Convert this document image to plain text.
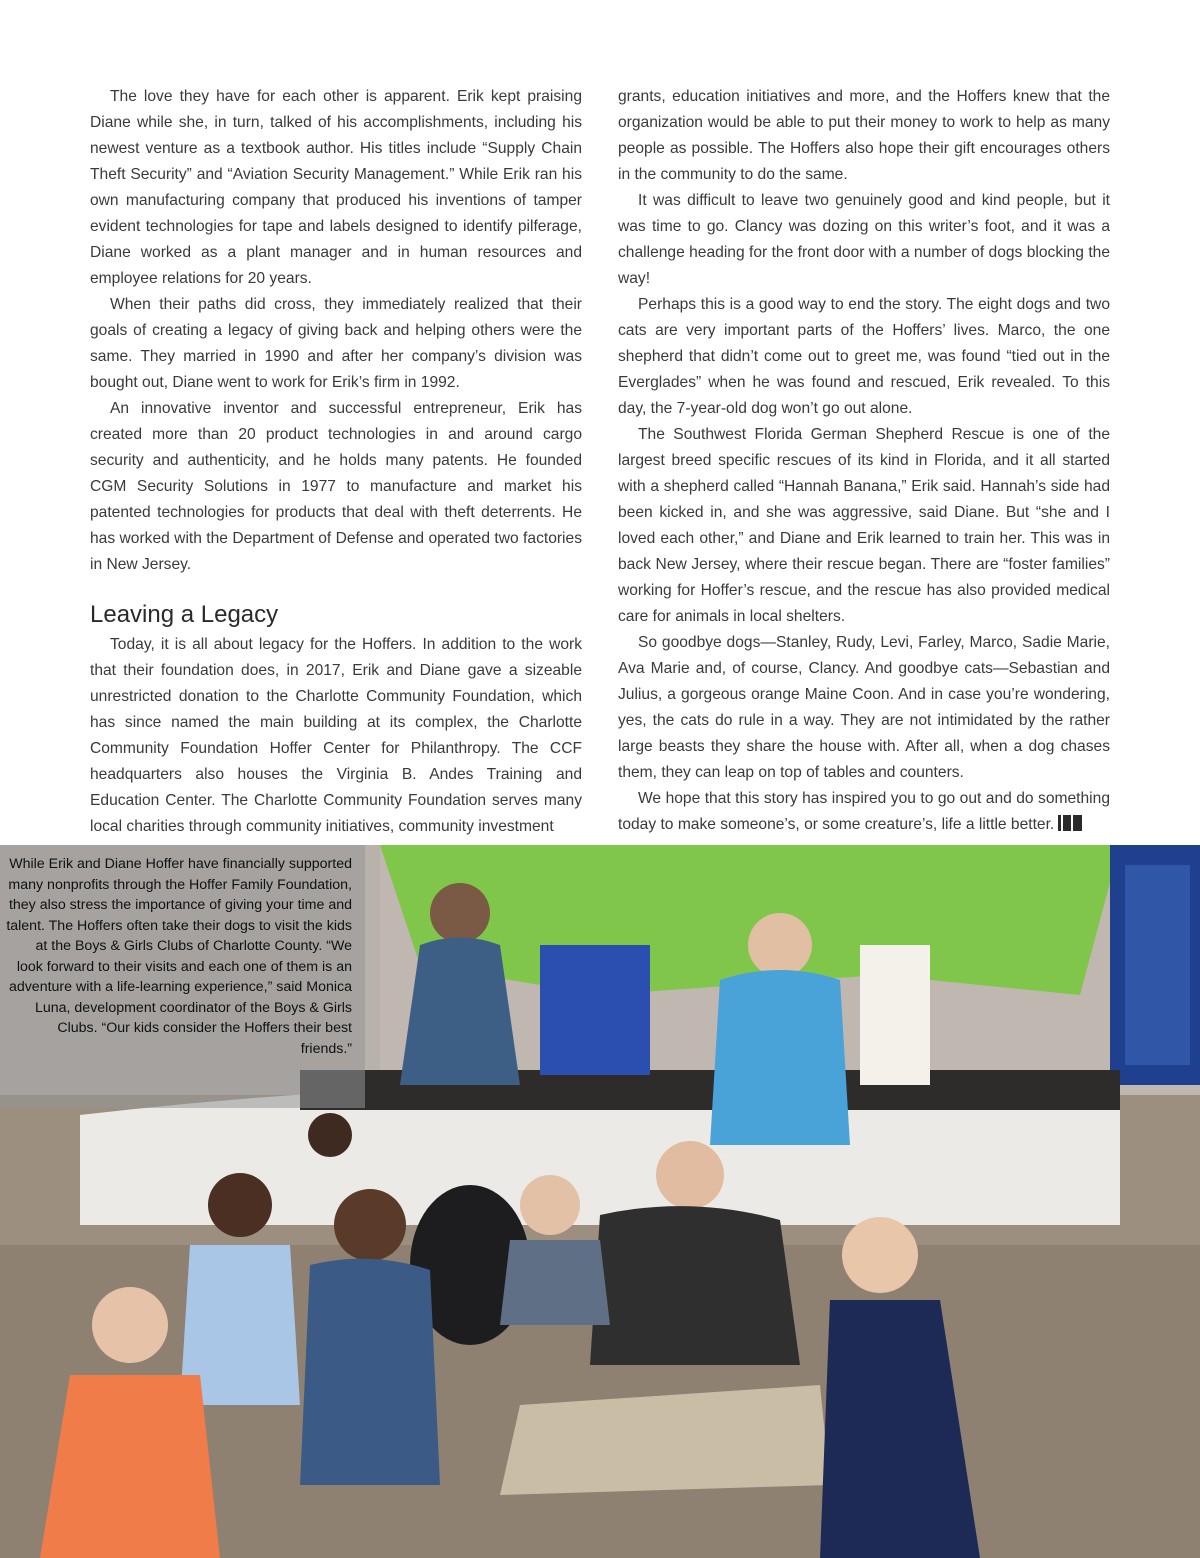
The love they have for each other is apparent. Erik kept praising Diane while she, in turn, talked of his accomplishments, including his newest venture as a textbook author. His titles include “Supply Chain Theft Security” and “Aviation Security Management.” While Erik ran his own manufacturing company that produced his inventions of tamper evident technologies for tape and labels designed to identify pilferage, Diane worked as a plant manager and in human resources and employee relations for 20 years.

When their paths did cross, they immediately realized that their goals of creating a legacy of giving back and helping others were the same. They married in 1990 and after her company’s division was bought out, Diane went to work for Erik’s firm in 1992.

An innovative inventor and successful entrepreneur, Erik has created more than 20 product technologies in and around cargo security and authenticity, and he holds many patents. He founded CGM Security Solutions in 1977 to manufacture and market his patented technologies for products that deal with theft deterrents. He has worked with the Department of Defense and operated two factories in New Jersey.

Leaving a Legacy

Today, it is all about legacy for the Hoffers. In addition to the work that their foundation does, in 2017, Erik and Diane gave a sizeable unrestricted donation to the Charlotte Community Foundation, which has since named the main building at its complex, the Charlotte Community Foundation Hoffer Center for Philanthropy. The CCF headquarters also houses the Virginia B. Andes Training and Education Center. The Charlotte Community Foundation serves many local charities through community initiatives, community investment

grants, education initiatives and more, and the Hoffers knew that the organization would be able to put their money to work to help as many people as possible. The Hoffers also hope their gift encourages others in the community to do the same.

It was difficult to leave two genuinely good and kind people, but it was time to go. Clancy was dozing on this writer’s foot, and it was a challenge heading for the front door with a number of dogs blocking the way!

Perhaps this is a good way to end the story. The eight dogs and two cats are very important parts of the Hoffers’ lives. Marco, the one shepherd that didn’t come out to greet me, was found “tied out in the Everglades” when he was found and rescued, Erik revealed. To this day, the 7-year-old dog won’t go out alone.

The Southwest Florida German Shepherd Rescue is one of the largest breed specific rescues of its kind in Florida, and it all started with a shepherd called “Hannah Banana,” Erik said. Hannah’s side had been kicked in, and she was aggressive, said Diane. But “she and I loved each other,” and Diane and Erik learned to train her. This was in back New Jersey, where their rescue began. There are “foster families” working for Hoffer’s rescue, and the rescue has also provided medical care for animals in local shelters.

So goodbye dogs—Stanley, Rudy, Levi, Farley, Marco, Sadie Marie, Ava Marie and, of course, Clancy. And goodbye cats—Sebastian and Julius, a gorgeous orange Maine Coon. And in case you’re wondering, yes, the cats do rule in a way. They are not intimidated by the rather large beasts they share the house with. After all, when a dog chases them, they can leap on top of tables and counters.

We hope that this story has inspired you to go out and do something today to make someone’s, or some creature’s, life a little better.

While Erik and Diane Hoffer have financially supported many nonprofits through the Hoffer Family Foundation, they also stress the importance of giving your time and talent. The Hoffers often take their dogs to visit the kids at the Boys & Girls Clubs of Charlotte County. “We look forward to their visits and each one of them is an adventure with a life-learning experience,” said Monica Luna, development coordinator of the Boys & Girls Clubs. “Our kids consider the Hoffers their best friends.”
